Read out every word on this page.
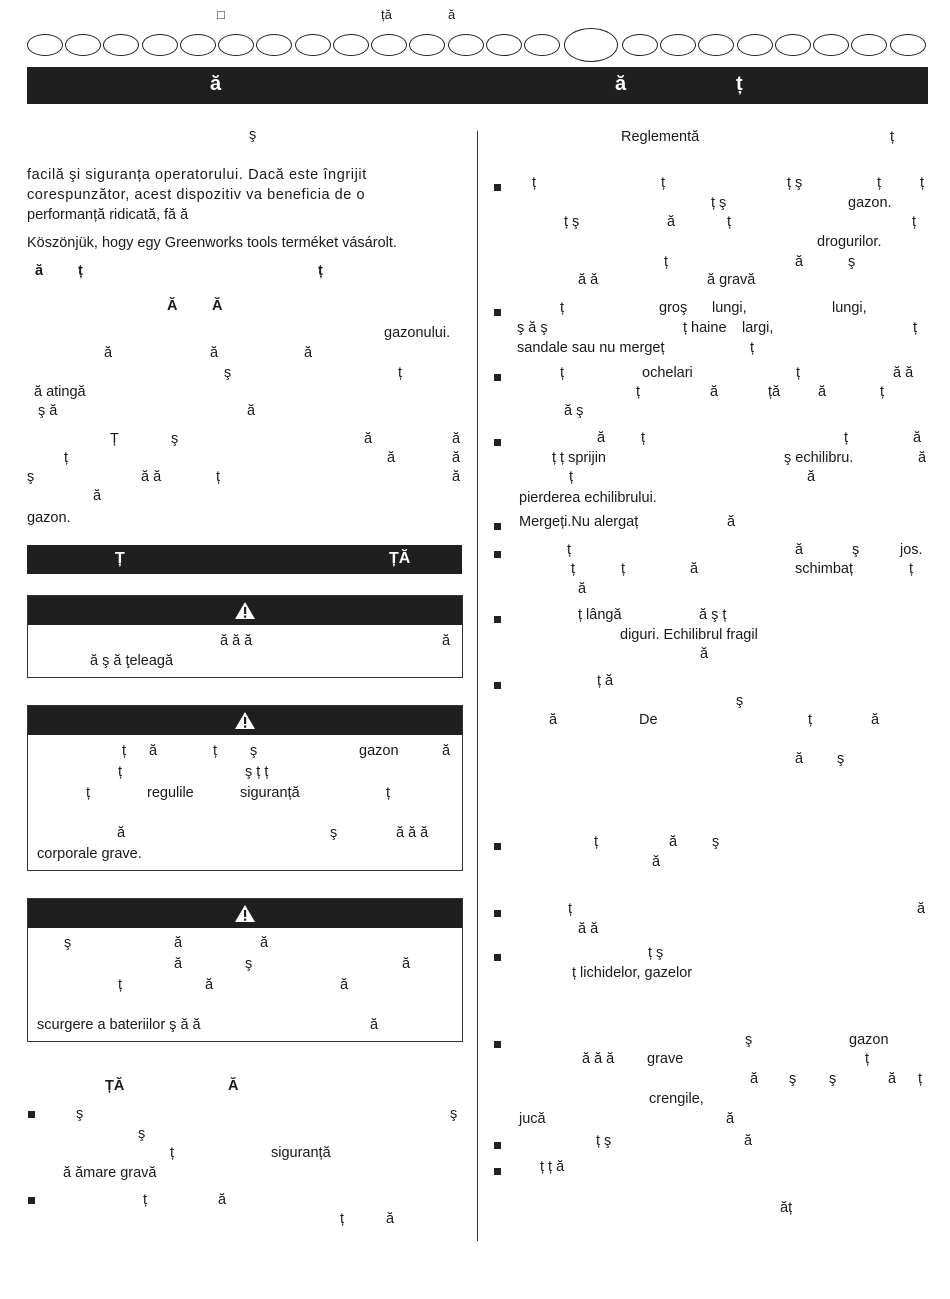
□	ță	ă
ă	ă	ț
ş
facilă şi siguranța operatorului. Dacă este îngrijit
corespunzător, acest dispozitiv va beneficia de o
performanță ridicată, fă ă
Köszönjük, hogy egy Greenworks tools terméket vásárolt.
ă ț	ț
Ă Ă
gazonului.
ă	ă	ă
ş	ț
ă atingă
ş ă	ă
Ț	ş	ă	ă
ț	ă	ă
ş	ă ă	ț	ă
ă
gazon.
Ț	ȚĂ
ă ă ă	ă
ă ş ă ţeleagă
ț ă	ț ş	gazon	ă
ț	ş ț ț
ț	regulile	siguranță	ț
ă	ş	ă ă ă
corporale grave.
ş	ă	ă
ă	ş	ă
ț	ă	ă
scurgere a bateriilor ş ă ă	ă
ȚĂ	Ă
ş	ş
ş
ț	siguranță
ă ămare gravă
ț	ă
ț	ă
Reglementă	ț
ț	ț	ț ş	ț	ț
ț ş	gazon.
ț ş	ă	ț	ț
drogurilor.
ț	ă	ş
ă ă	ă gravă
ț	groş lungi,	lungi,
ş ă ş	ț haine largi,	ț
sandale sau nu mergeț	ț
ț	ochelari	ț	ă ă
ț	ă	ță	ă	ț
ă ş
ă ț	ț	ă
ț ț sprijin	ş echilibru.	ă
ț	ă
pierderea echilibrului.
Mergeți.Nu alergaț	ă
ț	ă	ş	jos.
ț	ț	ă	schimbaț	ț
ă
ț lângă	ă ş ț
diguri. Echilibrul fragil
ă
ț ă
ş
ă	De	ț	ă
ă ş
ț	ă ş
ă
ț	ă
ă ă
ț ş
ț lichidelor, gazelor
ş	gazon
ă ă ă grave	ț
ă ş ş	ă ț
crengile,
jucă	ă
ț ş	ă
ț ț ă
ăț
